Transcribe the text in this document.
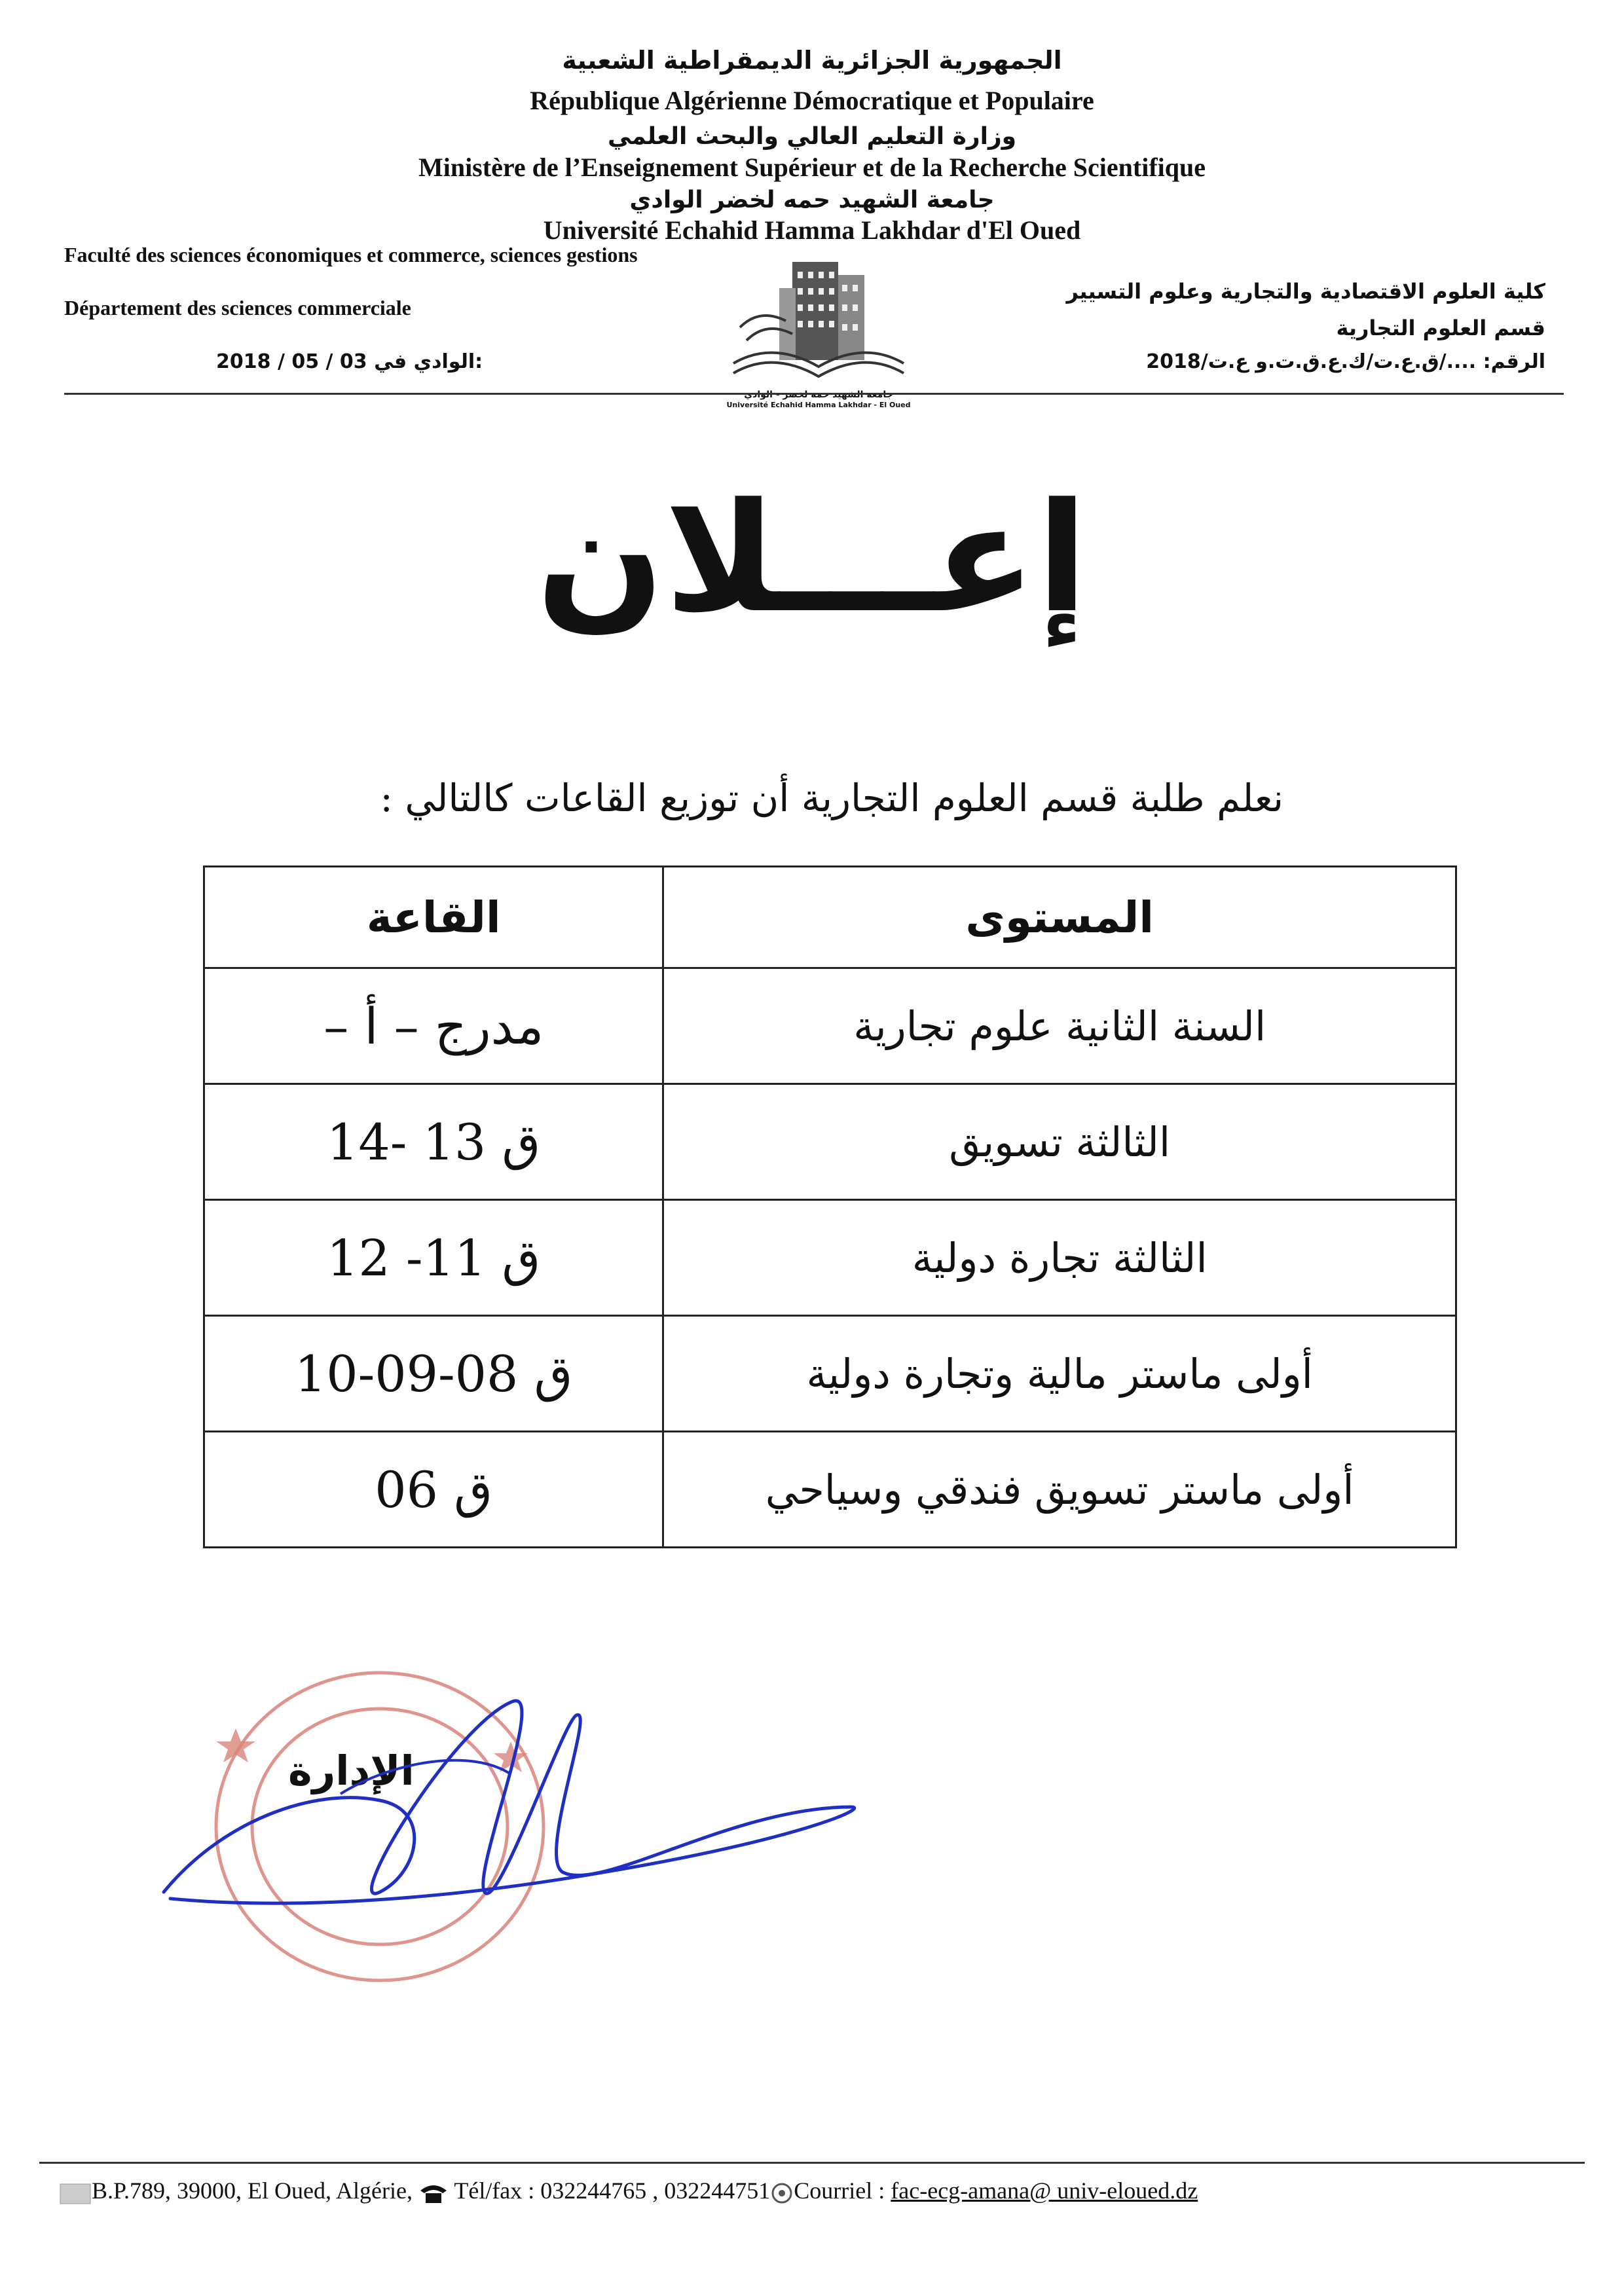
الجمهورية الجزائرية الديمقراطية الشعبية
République Algérienne Démocratique et Populaire
وزارة التعليم العالي والبحث العلمي
Ministère de l’Enseignement Supérieur et de la Recherche Scientifique
جامعة الشهيد حمه لخضر الوادي
Université Echahid Hamma Lakhdar d'El Oued
Faculté des sciences économiques et commerce, sciences gestions
Département des sciences commerciale
2018 / 05 / 03 الوادي في:
كلية العلوم الاقتصادية والتجارية وعلوم التسيير
قسم العلوم التجارية
الرقم: ..../ق.ع.ت/ك.ع.ق.ت.و ع.ت/2018
جامعة الشهيد حمه لخضر - الوادي
Université Echahid Hamma Lakhdar - El Oued
إعـــلان
نعلم طلبة قسم العلوم التجارية أن توزيع القاعات كالتالي :
المستوى	القاعة
السنة الثانية علوم تجارية	مدرج – أ –
الثالثة تسويق	ق 13 -14
الثالثة تجارة دولية	ق 11- 12
أولى ماستر مالية وتجارة دولية	ق 08-09-10
أولى ماستر تسويق فندقي وسياحي	ق 06
الإدارة
B.P.789, 39000, El Oued, Algérie, Tél/fax : 032244765 , 032244751 Courriel : fac-ecg-amana@ univ-eloued.dz
